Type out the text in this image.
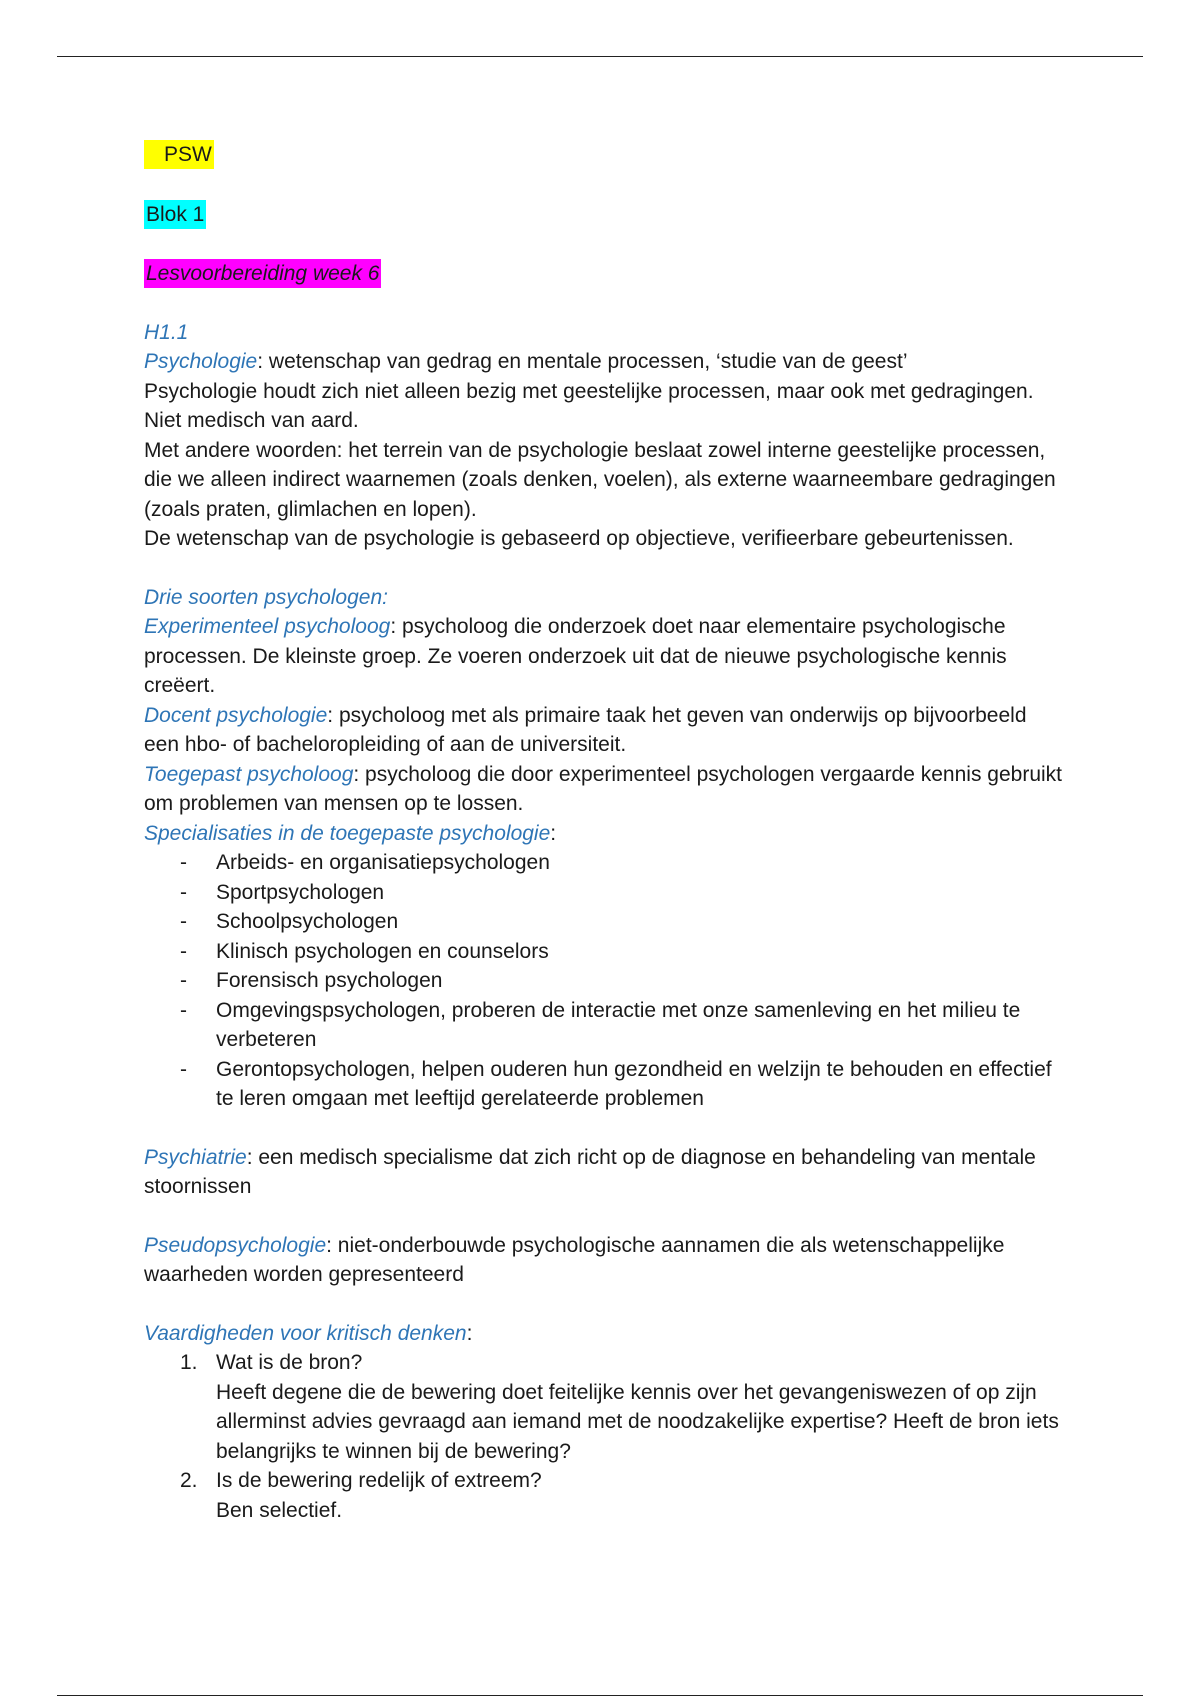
PSW
Blok 1
Lesvoorbereiding week 6
H1.1

Psychologie: wetenschap van gedrag en mentale processen, ‘studie van de geest’

Psychologie houdt zich niet alleen bezig met geestelijke processen, maar ook met gedragingen. Niet medisch van aard.

Met andere woorden: het terrein van de psychologie beslaat zowel interne geestelijke processen, die we alleen indirect waarnemen (zoals denken, voelen), als externe waarneembare gedragingen (zoals praten, glimlachen en lopen).

De wetenschap van de psychologie is gebaseerd op objectieve, verifieerbare gebeurtenissen.

Drie soorten psychologen:

Experimenteel psycholoog: psycholoog die onderzoek doet naar elementaire psychologische processen. De kleinste groep. Ze voeren onderzoek uit dat de nieuwe psychologische kennis creëert.

Docent psychologie: psycholoog met als primaire taak het geven van onderwijs op bijvoorbeeld een hbo- of bacheloropleiding of aan de universiteit.

Toegepast psycholoog: psycholoog die door experimenteel psychologen vergaarde kennis gebruikt om problemen van mensen op te lossen.

Specialisaties in de toegepaste psychologie:

- Arbeids- en organisatiepsychologen
- Sportpsychologen
- Schoolpsychologen
- Klinisch psychologen en counselors
- Forensisch psychologen
- Omgevingspsychologen, proberen de interactie met onze samenleving en het milieu te verbeteren
- Gerontopsychologen, helpen ouderen hun gezondheid en welzijn te behouden en effectief te leren omgaan met leeftijd gerelateerde problemen

Psychiatrie: een medisch specialisme dat zich richt op de diagnose en behandeling van mentale stoornissen

Pseudopsychologie: niet-onderbouwde psychologische aannamen die als wetenschappelijke waarheden worden gepresenteerd

Vaardigheden voor kritisch denken:

1. Wat is de bron?
Heeft degene die de bewering doet feitelijke kennis over het gevangeniswezen of op zijn allerminst advies gevraagd aan iemand met de noodzakelijke expertise? Heeft de bron iets belangrijks te winnen bij de bewering?
2. Is de bewering redelijk of extreem?
Ben selectief.
